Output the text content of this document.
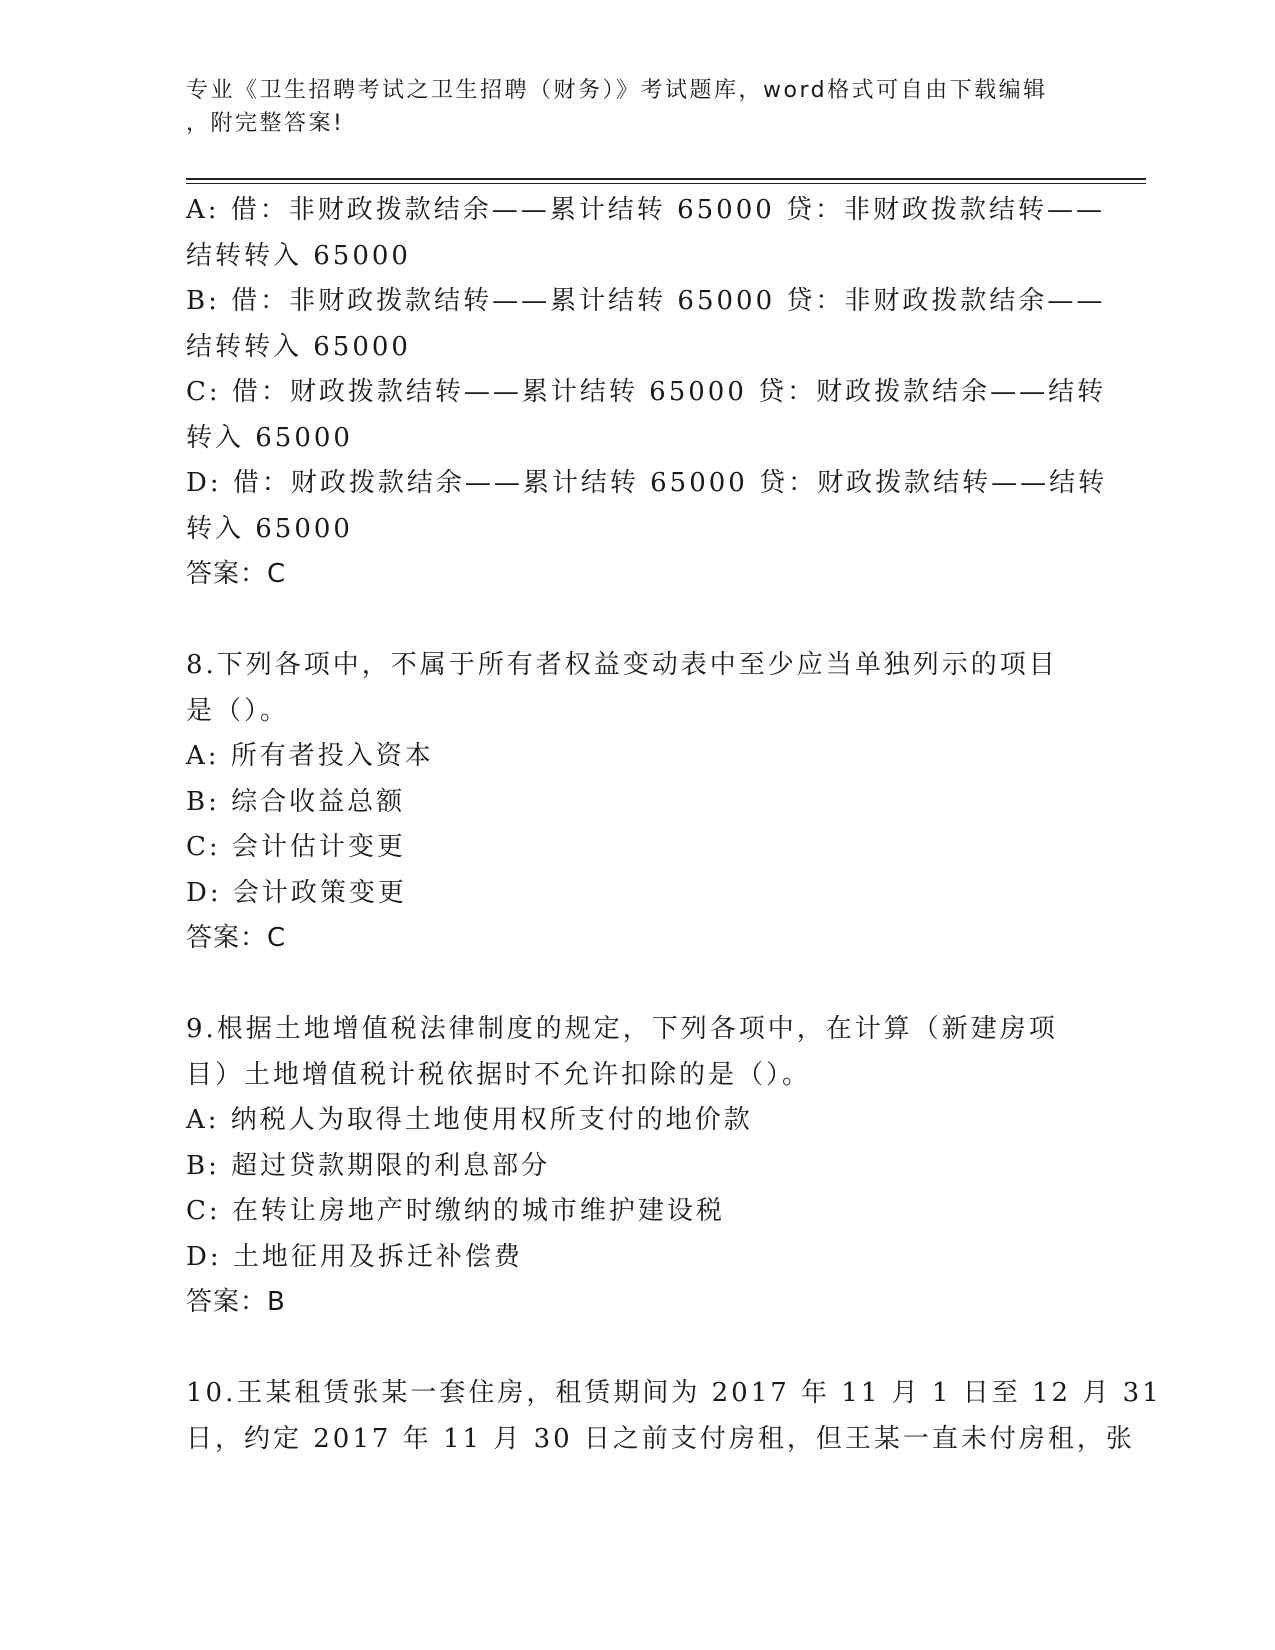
专业《卫生招聘考试之卫生招聘（财务）》考试题库，word格式可自由下载编辑
，附完整答案!
A: 借：非财政拨款结余——累计结转 65000 贷：非财政拨款结转——
结转转入 65000
B: 借：非财政拨款结转——累计结转 65000 贷：非财政拨款结余——
结转转入 65000
C: 借：财政拨款结转——累计结转 65000 贷：财政拨款结余——结转
转入 65000
D: 借：财政拨款结余——累计结转 65000 贷：财政拨款结转——结转
转入 65000
答案：C
8.下列各项中，不属于所有者权益变动表中至少应当单独列示的项目
是（）。
A: 所有者投入资本
B: 综合收益总额
C: 会计估计变更
D: 会计政策变更
答案：C
9.根据土地增值税法律制度的规定，下列各项中，在计算（新建房项
目）土地增值税计税依据时不允许扣除的是（）。
A: 纳税人为取得土地使用权所支付的地价款
B: 超过贷款期限的利息部分
C: 在转让房地产时缴纳的城市维护建设税
D: 土地征用及拆迁补偿费
答案：B
10.王某租赁张某一套住房，租赁期间为 2017 年 11 月 1 日至 12 月 31
日，约定 2017 年 11 月 30 日之前支付房租，但王某一直未付房租，张
